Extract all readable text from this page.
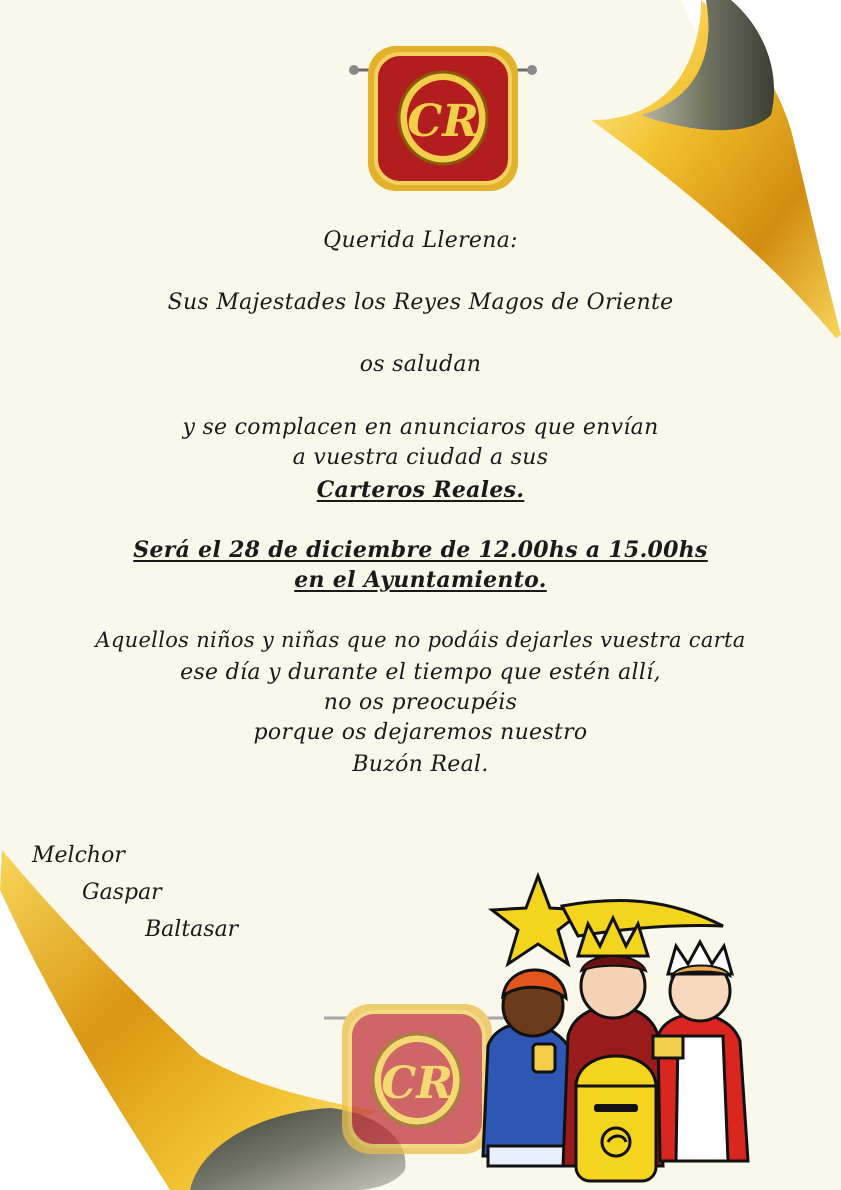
CR
CR
Querida Llerena:
Sus Majestades los Reyes Magos de Oriente
os saludan
y se complacen en anunciaros que envían
a vuestra ciudad a sus
Carteros Reales.
Será el 28 de diciembre de 12.00hs a 15.00hs
en el Ayuntamiento.
Aquellos niños y niñas que no podáis dejarles vuestra carta
ese día y durante el tiempo que estén allí,
no os preocupéis
porque os dejaremos nuestro
Buzón Real.
Melchor
Gaspar
Baltasar
